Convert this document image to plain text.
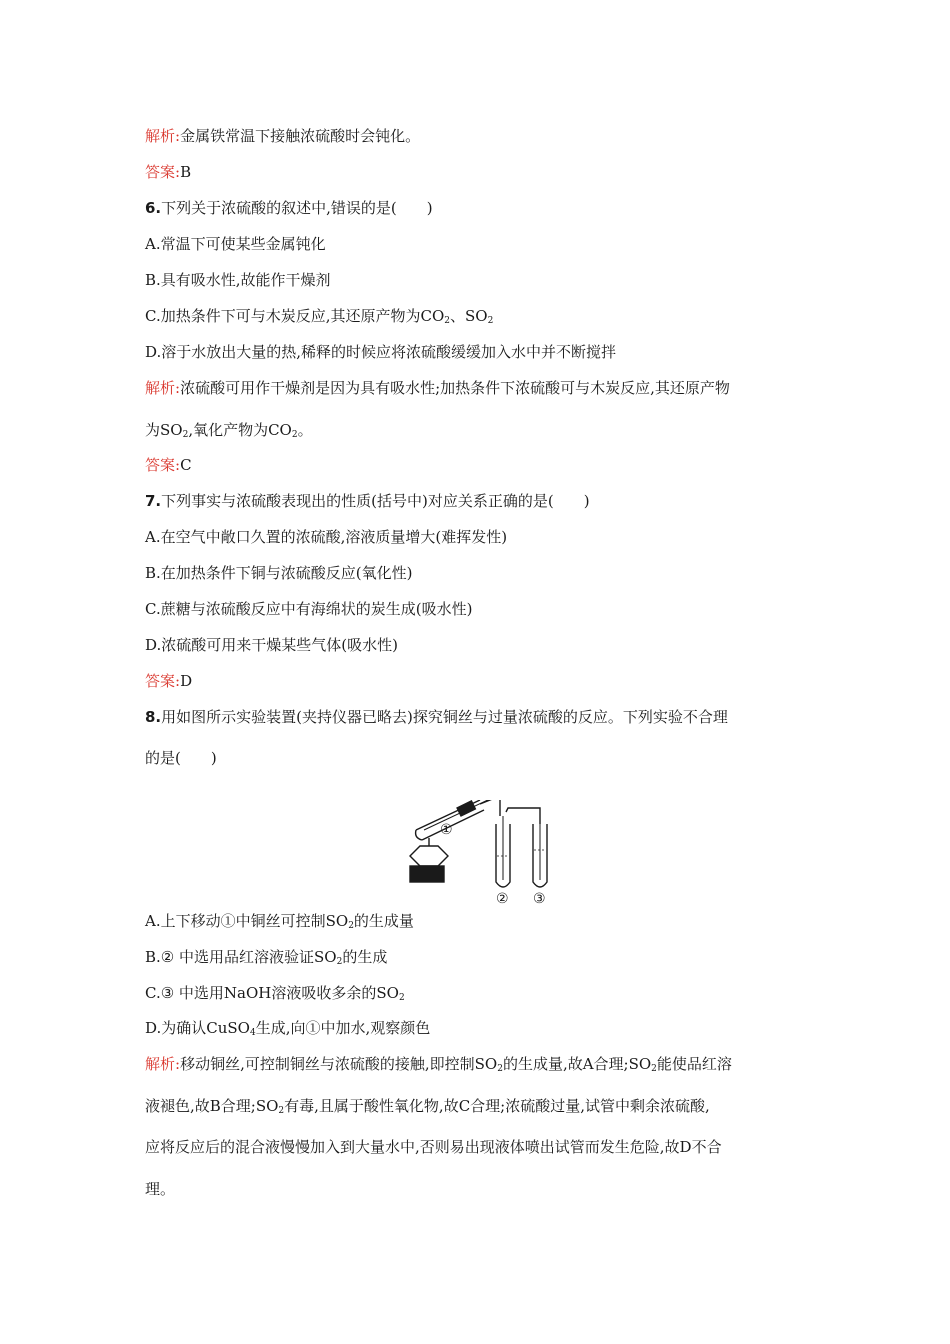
解析:金属铁常温下接触浓硫酸时会钝化。
答案:B
6.下列关于浓硫酸的叙述中,错误的是(　　)
A.常温下可使某些金属钝化
B.具有吸水性,故能作干燥剂
C.加热条件下可与木炭反应,其还原产物为$CO_2$、$SO_2$
D.溶于水放出大量的热,稀释的时候应将浓硫酸缓缓加入水中并不断搅拌
解析:浓硫酸可用作干燥剂是因为具有吸水性;加热条件下浓硫酸可与木炭反应,其还原产物
为$SO_2$,氧化产物为$CO_2$。
答案:C
7.下列事实与浓硫酸表现出的性质(括号中)对应关系正确的是(　　)
A.在空气中敞口久置的浓硫酸,溶液质量增大(难挥发性)
B.在加热条件下铜与浓硫酸反应(氧化性)
C.蔗糖与浓硫酸反应中有海绵状的炭生成(吸水性)
D.浓硫酸可用来干燥某些气体(吸水性)
答案:D
8.用如图所示实验装置(夹持仪器已略去)探究铜丝与过量浓硫酸的反应。下列实验不合理
的是(　　)
①
② ③
A.上下移动①中铜丝可控制$SO_2$的生成量
B.② 中选用品红溶液验证$SO_2$的生成
C.③ 中选用NaOH溶液吸收多余的$SO_2$
D.为确认CuSO$_4$生成,向①中加水,观察颜色
解析:移动铜丝,可控制铜丝与浓硫酸的接触,即控制$SO_2$的生成量,故A合理$;SO_2$能使品红溶
液褪色,故B合理$;SO_2$有毒,且属于酸性氧化物,故C合理;浓硫酸过量,试管中剩余浓硫酸,
应将反应后的混合液慢慢加入到大量水中,否则易出现液体喷出试管而发生危险,故D不合
理。
